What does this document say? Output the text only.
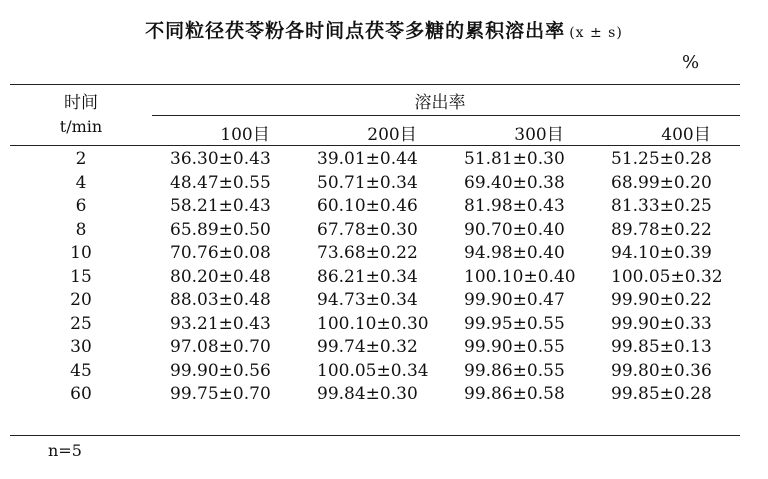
不同粒径茯苓粉各时间点茯苓多糖的累积溶出率 (x ± s)
%
时间
t/min
溶出率
100目	200目	300目	400目
2	36.30±0.43	39.01±0.44	51.81±0.30	51.25±0.28
4	48.47±0.55	50.71±0.34	69.40±0.38	68.99±0.20
6	58.21±0.43	60.10±0.46	81.98±0.43	81.33±0.25
8	65.89±0.50	67.78±0.30	90.70±0.40	89.78±0.22
10	70.76±0.08	73.68±0.22	94.98±0.40	94.10±0.39
15	80.20±0.48	86.21±0.34	100.10±0.40 100.05±0.32
20	88.03±0.48	94.73±0.34	99.90±0.47	99.90±0.22
25	93.21±0.43	100.10±0.30 99.95±0.55	99.90±0.33
30	97.08±0.70	99.74±0.32	99.90±0.55	99.85±0.13
45	99.90±0.56	100.05±0.34 99.86±0.55	99.80±0.36
60	99.75±0.70	99.84±0.30	99.86±0.58	99.85±0.28
n=5
